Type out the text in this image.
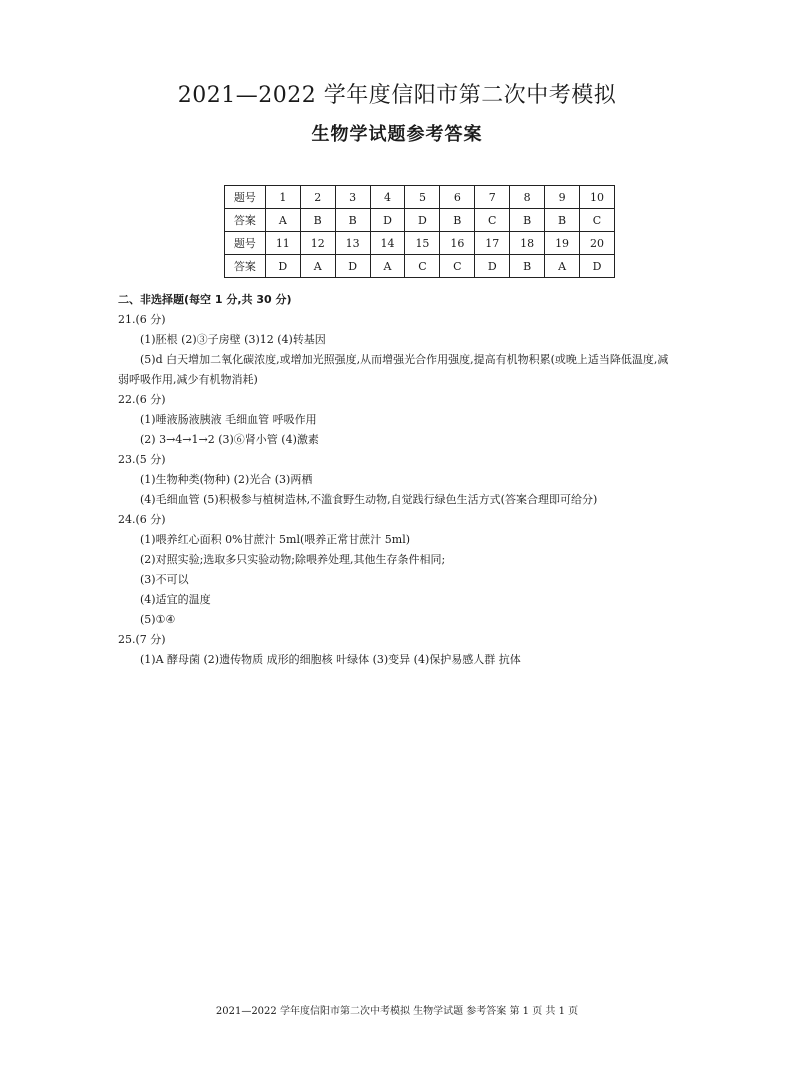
2021—2022 学年度信阳市第二次中考模拟
生物学试题参考答案
题号	1	2	3	4	5	6	7	8	9	10
答案	A	B	B	D	D	B	C	B	B	C
题号	11	12	13	14	15	16	17	18	19	20
答案	D	A	D	A	C	C	D	B	A	D
二、非选择题(每空 1 分,共 30 分)
21.(6 分)
(1)胚根 (2)③子房壁 (3)12 (4)转基因
(5)d 白天增加二氧化碳浓度,或增加光照强度,从而增强光合作用强度,提高有机物积累(或晚上适当降低温度,减
弱呼吸作用,减少有机物消耗)
22.(6 分)
(1)唾液肠液胰液 毛细血管 呼吸作用
(2) 3→4→1→2 (3)⑥肾小管 (4)激素
23.(5 分)
(1)生物种类(物种) (2)光合 (3)两栖
(4)毛细血管 (5)积极参与植树造林,不滥食野生动物,自觉践行绿色生活方式(答案合理即可给分)
24.(6 分)
(1)喂养红心面积 0%甘蔗汁 5ml(喂养正常甘蔗汁 5ml)
(2)对照实验;选取多只实验动物;除喂养处理,其他生存条件相同;
(3)不可以
(4)适宜的温度
(5)①④
25.(7 分)
(1)A 酵母菌 (2)遗传物质 成形的细胞核 叶绿体 (3)变异 (4)保护易感人群 抗体
2021—2022 学年度信阳市第二次中考模拟 生物学试题 参考答案 第 1 页 共 1 页
